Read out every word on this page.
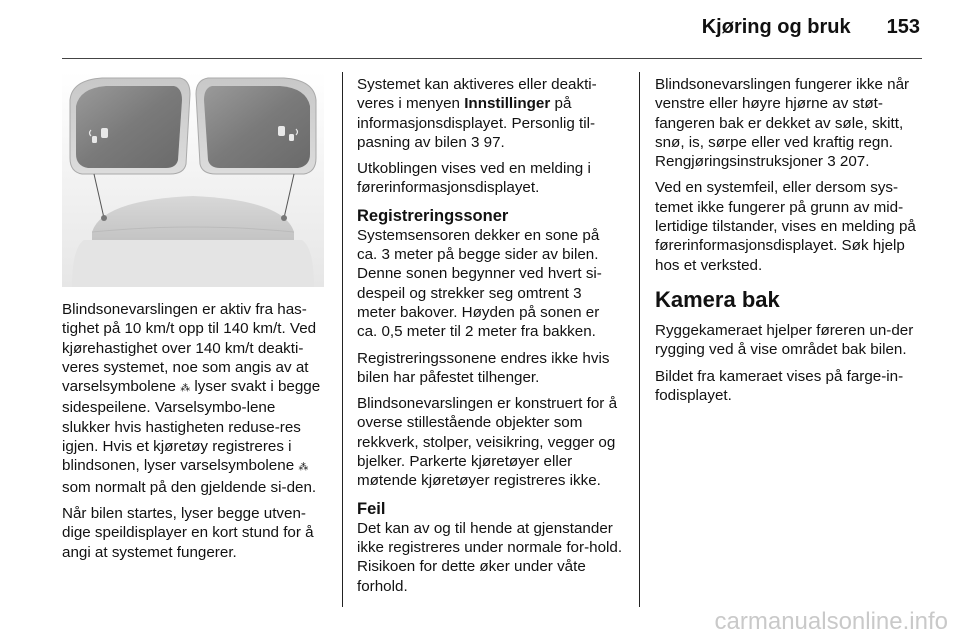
Kjøring og bruk 153

Blindsonevarslingen er aktiv fra has-tighet på 10 km/t opp til 140 km/t. Ved kjørehastighet over 140 km/t deakti-veres systemet, noe som angis av at varselsymbolene ⁂ lyser svakt i begge sidespeilene. Varselsymbo-lene slukker hvis hastigheten reduse-res igjen. Hvis et kjøretøy registreres i blindsonen, lyser varselsymbolene ⁂ som normalt på den gjeldende si-den.

Når bilen startes, lyser begge utven-dige speildisplayer en kort stund for å angi at systemet fungerer.

Systemet kan aktiveres eller deakti-veres i menyen Innstillinger på informasjonsdisplayet. Personlig til-pasning av bilen 3 97.

Utkoblingen vises ved en melding i førerinformasjonsdisplayet.

Registreringssoner

Systemsensoren dekker en sone på ca. 3 meter på begge sider av bilen. Denne sonen begynner ved hvert si-despeil og strekker seg omtrent 3 meter bakover. Høyden på sonen er ca. 0,5 meter til 2 meter fra bakken.

Registreringssonene endres ikke hvis bilen har påfestet tilhenger.

Blindsonevarslingen er konstruert for å overse stillestående objekter som rekkverk, stolper, veisikring, vegger og bjelker. Parkerte kjøretøyer eller møtende kjøretøyer registreres ikke.

Feil

Det kan av og til hende at gjenstander ikke registreres under normale for-hold. Risikoen for dette øker under våte forhold.

Blindsonevarslingen fungerer ikke når venstre eller høyre hjørne av støt-fangeren bak er dekket av søle, skitt, snø, is, sørpe eller ved kraftig regn. Rengjøringsinstruksjoner 3 207.

Ved en systemfeil, eller dersom sys-temet ikke fungerer på grunn av mid-lertidige tilstander, vises en melding på førerinformasjonsdisplayet. Søk hjelp hos et verksted.

Kamera bak

Ryggekameraet hjelper føreren un-der rygging ved å vise området bak bilen.

Bildet fra kameraet vises på farge-in-fodisplayet.

carmanualsonline.info
